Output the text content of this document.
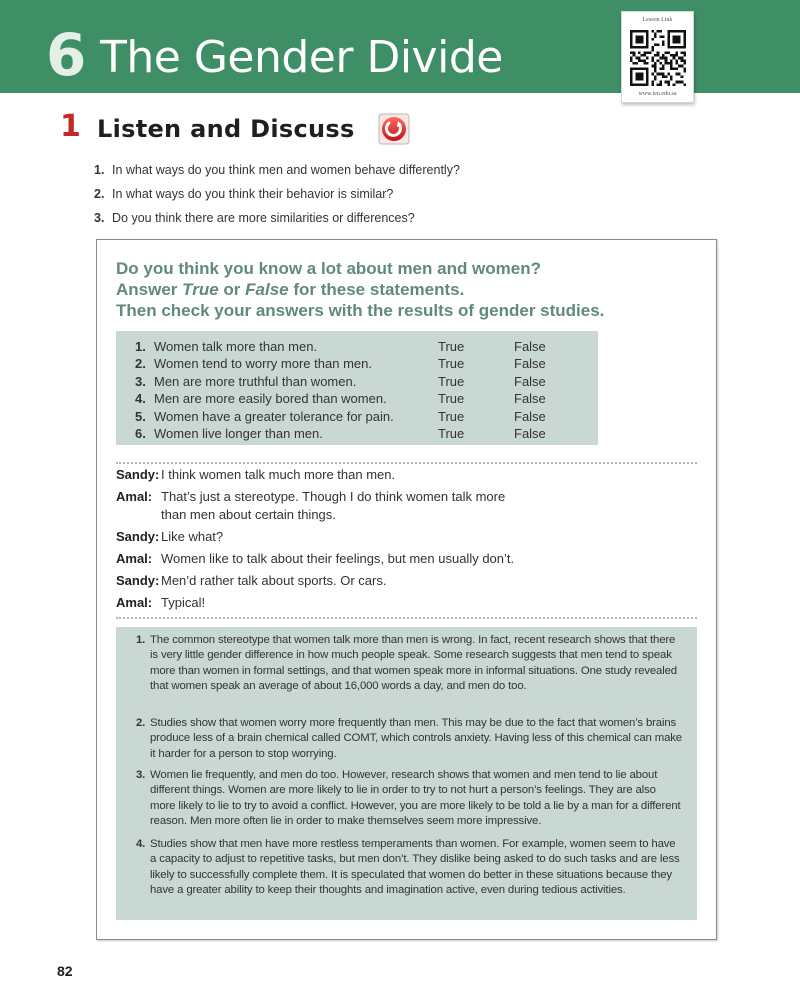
6 The Gender Divide
Lesson Link
www.ien.edu.sa
1 Listen and Discuss
1. In what ways do you think men and women behave differently?
2. In what ways do you think their behavior is similar?
3. Do you think there are more similarities or differences?
Do you think you know a lot about men and women?
Answer True or False for these statements.
Then check your answers with the results of gender studies.
1. Women talk more than men.	True	False
2. Women tend to worry more than men.	True	False
3. Men are more truthful than women.	True	False
4. Men are more easily bored than women.	True	False
5. Women have a greater tolerance for pain.	True	False
6. Women live longer than men.	True	False
Sandy: I think women talk much more than men.
Amal: That’s just a stereotype. Though I do think women talk more than men about certain things.
Sandy: Like what?
Amal: Women like to talk about their feelings, but men usually don’t.
Sandy: Men’d rather talk about sports. Or cars.
Amal: Typical!
1. The common stereotype that women talk more than men is wrong. In fact, recent research shows that there is very little gender difference in how much people speak. Some research suggests that men tend to speak more than women in formal settings, and that women speak more in informal situations. One study revealed that women speak an average of about 16,000 words a day, and men do too.
2. Studies show that women worry more frequently than men. This may be due to the fact that women’s brains produce less of a brain chemical called COMT, which controls anxiety. Having less of this chemical can make it harder for a person to stop worrying.
3. Women lie frequently, and men do too. However, research shows that women and men tend to lie about different things. Women are more likely to lie in order to try to not hurt a person’s feelings. They are also more likely to lie to try to avoid a conflict. However, you are more likely to be told a lie by a man for a different reason. Men more often lie in order to make themselves seem more impressive.
4. Studies show that men have more restless temperaments than women. For example, women seem to have a capacity to adjust to repetitive tasks, but men don’t. They dislike being asked to do such tasks and are less likely to successfully complete them. It is speculated that women do better in these situations because they have a greater ability to keep their thoughts and imagination active, even during tedious activities.
82
